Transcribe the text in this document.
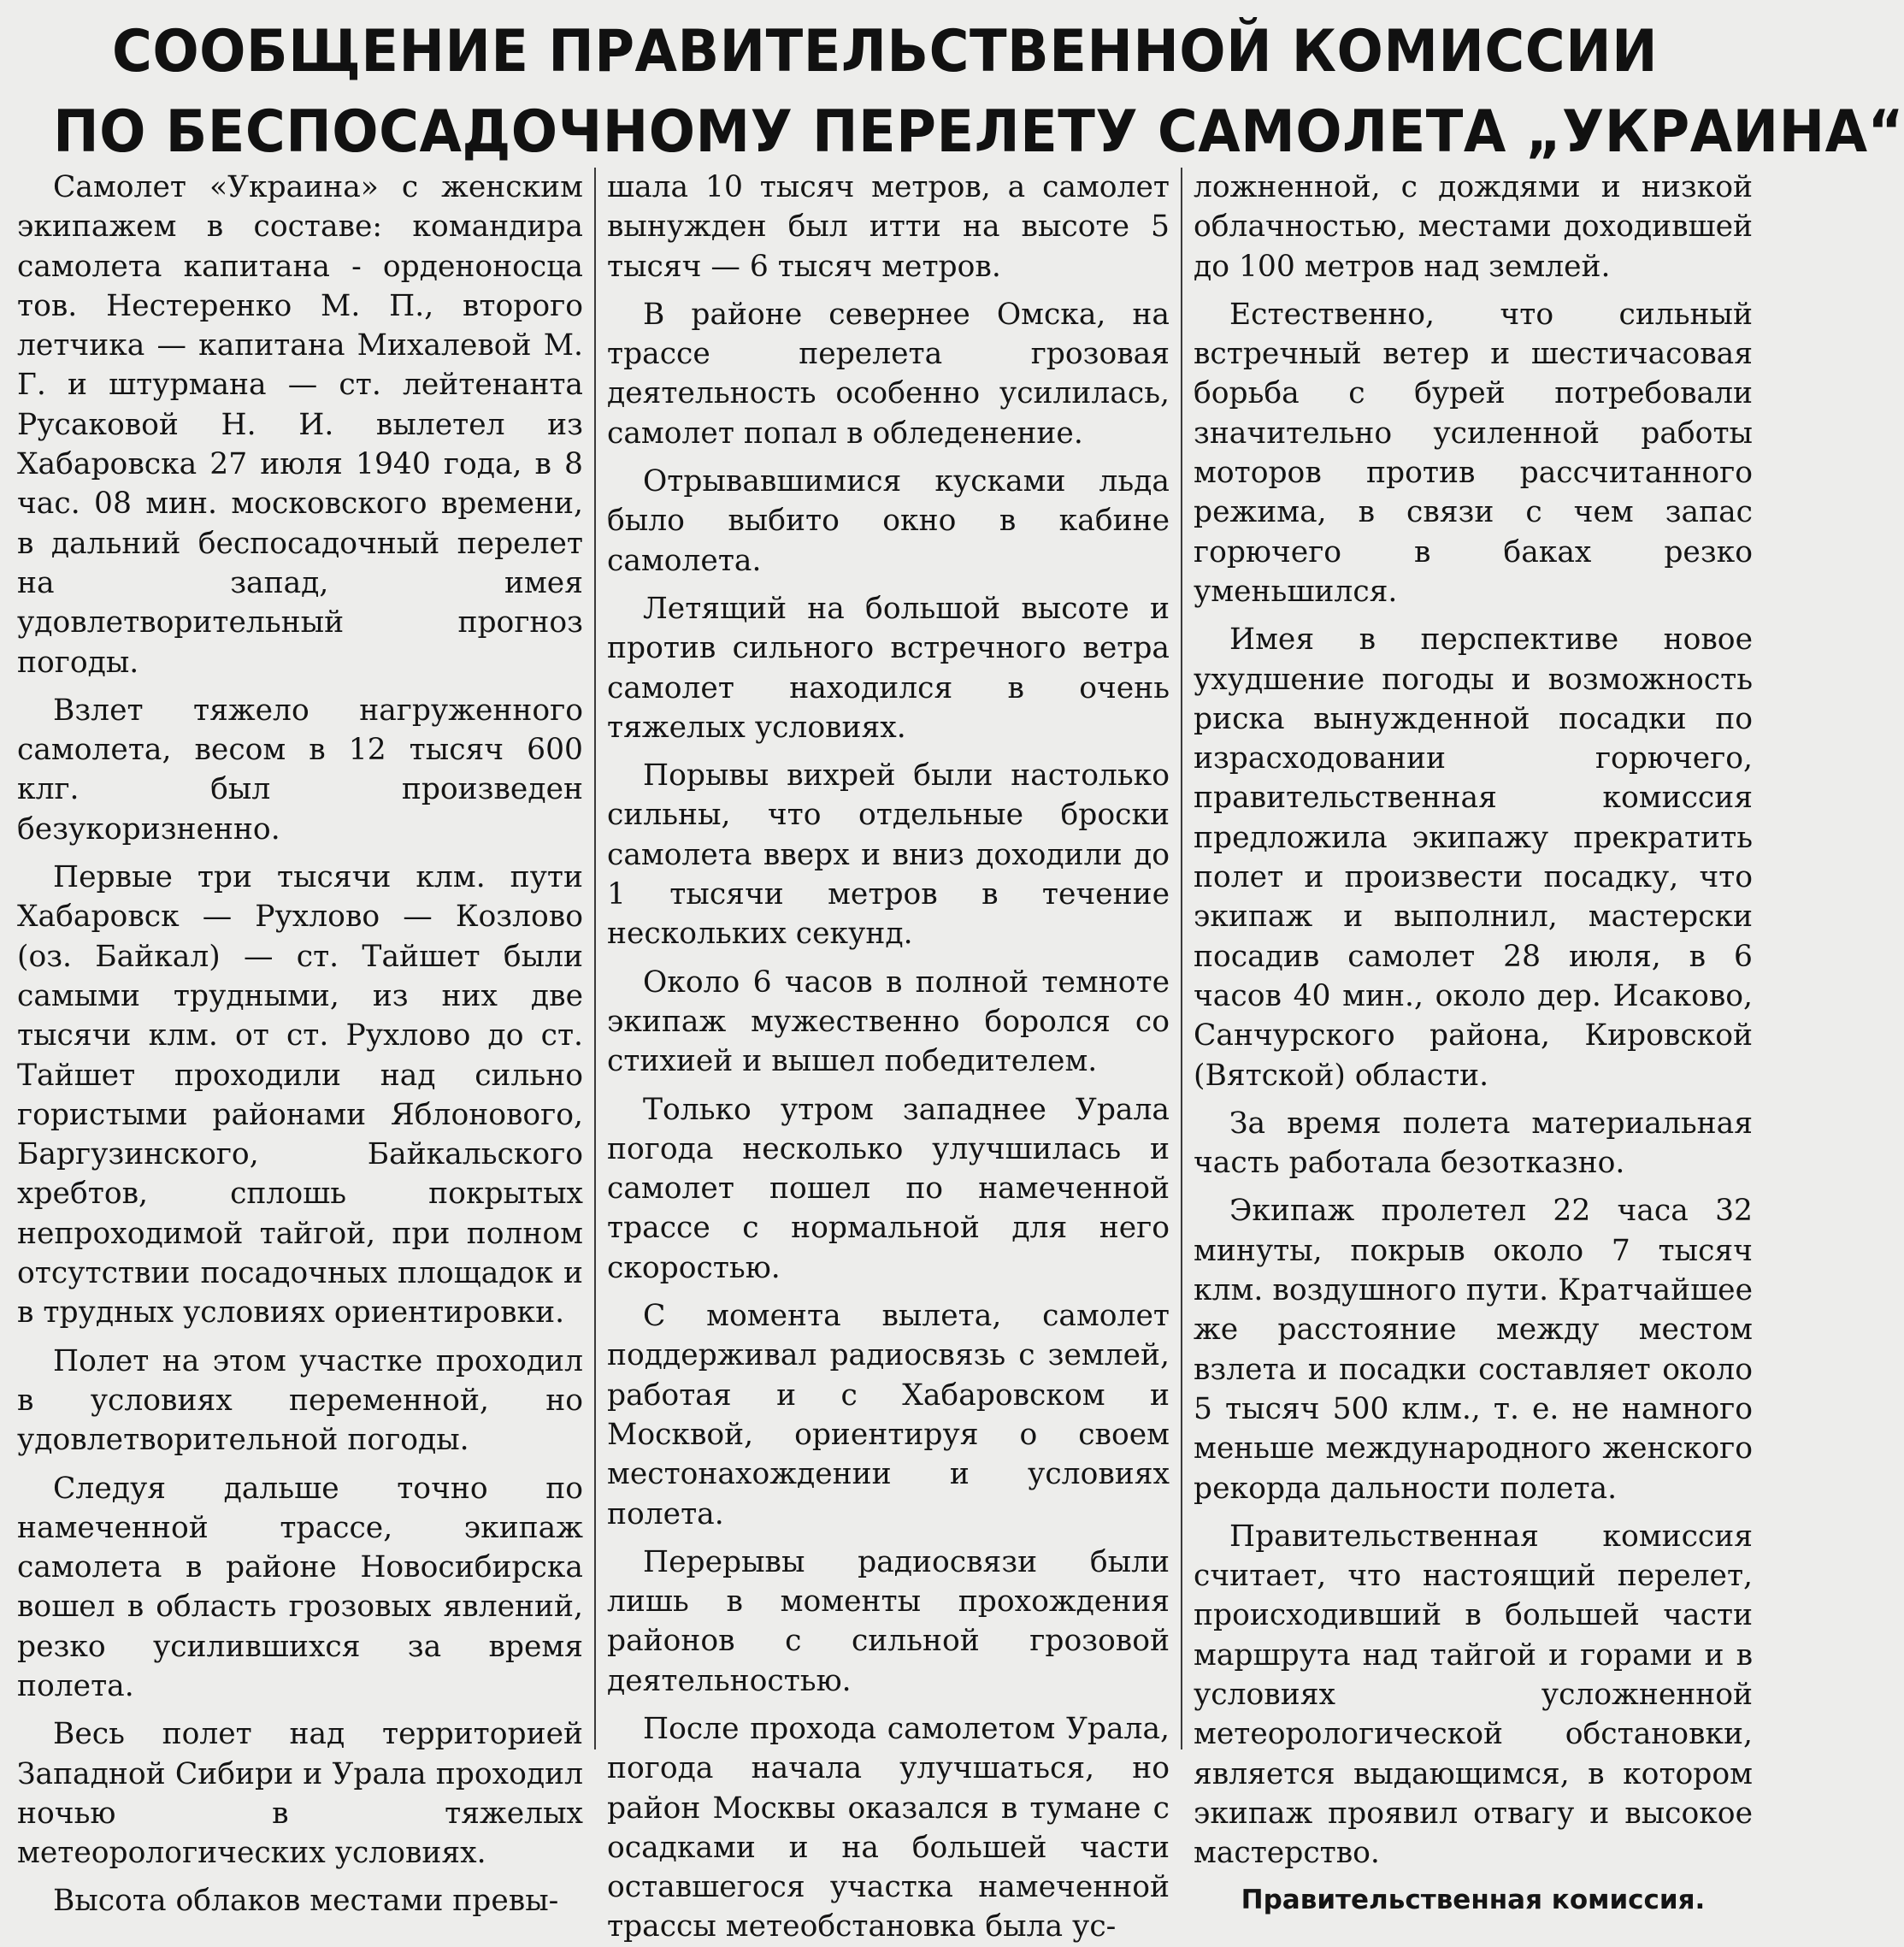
СООБЩЕНИЕ ПРАВИТЕЛЬСТВЕННОЙ КОМИССИИ
ПО БЕСПОСАДОЧНОМУ ПЕРЕЛЕТУ САМОЛЕТА „УКРАИНА“

Самолет «Украина» с женским экипажем в составе: командира самолета капитана - орденоносца тов. Нестеренко М. П., второго летчика — капитана Михалевой М. Г. и штурмана — ст. лейтенанта Русаковой Н. И. вылетел из Хабаровска 27 июля 1940 года, в 8 час. 08 мин. московского времени, в дальний беспосадочный перелет на запад, имея удовлетворительный прогноз погоды.

Взлет тяжело нагруженного самолета, весом в 12 тысяч 600 клг. был произведен безукоризненно.

Первые три тысячи клм. пути Хабаровск — Рухлово — Козлово (оз. Байкал) — ст. Тайшет были самыми трудными, из них две тысячи клм. от ст. Рухлово до ст. Тайшет проходили над сильно гористыми районами Яблонового, Баргузинского, Байкальского хребтов, сплошь покрытых непроходимой тайгой, при полном отсутствии посадочных площадок и в трудных условиях ориентировки.

Полет на этом участке проходил в условиях переменной, но удовлетворительной погоды.

Следуя дальше точно по намеченной трассе, экипаж самолета в районе Новосибирска вошел в область грозовых явлений, резко усилившихся за время полета.

Весь полет над территорией Западной Сибири и Урала проходил ночью в тяжелых метеорологических условиях.

Высота облаков местами превы-

шала 10 тысяч метров, а самолет вынужден был итти на высоте 5 тысяч — 6 тысяч метров.

В районе севернее Омска, на трассе перелета грозовая деятельность особенно усилилась, самолет попал в обледенение.

Отрывавшимися кусками льда было выбито окно в кабине самолета.

Летящий на большой высоте и против сильного встречного ветра самолет находился в очень тяжелых условиях.

Порывы вихрей были настолько сильны, что отдельные броски самолета вверх и вниз доходили до 1 тысячи метров в течение нескольких секунд.

Около 6 часов в полной темноте экипаж мужественно боролся со стихией и вышел победителем.

Только утром западнее Урала погода несколько улучшилась и самолет пошел по намеченной трассе с нормальной для него скоростью.

С момента вылета, самолет поддерживал радиосвязь с землей, работая и с Хабаровском и Москвой, ориентируя о своем местонахождении и условиях полета.

Перерывы радиосвязи были лишь в моменты прохождения районов с сильной грозовой деятельностью.

После прохода самолетом Урала, погода начала улучшаться, но район Москвы оказался в тумане с осадками и на большей части оставшегося участка намеченной трассы метеобстановка была ус-

ложненной, с дождями и низкой облачностью, местами доходившей до 100 метров над землей.

Естественно, что сильный встречный ветер и шестичасовая борьба с бурей потребовали значительно усиленной работы моторов против рассчитанного режима, в связи с чем запас горючего в баках резко уменьшился.

Имея в перспективе новое ухудшение погоды и возможность риска вынужденной посадки по израсходовании горючего, правительственная комиссия предложила экипажу прекратить полет и произвести посадку, что экипаж и выполнил, мастерски посадив самолет 28 июля, в 6 часов 40 мин., около дер. Исаково, Санчурского района, Кировской (Вятской) области.

За время полета материальная часть работала безотказно.

Экипаж пролетел 22 часа 32 минуты, покрыв около 7 тысяч клм. воздушного пути. Кратчайшее же расстояние между местом взлета и посадки составляет около 5 тысяч 500 клм., т. е. не намного меньше международного женского рекорда дальности полета.

Правительственная комиссия считает, что настоящий перелет, происходивший в большей части маршрута над тайгой и горами и в условиях усложненной метеорологической обстановки, является выдающимся, в котором экипаж проявил отвагу и высокое мастерство.

Правительственная комиссия.
